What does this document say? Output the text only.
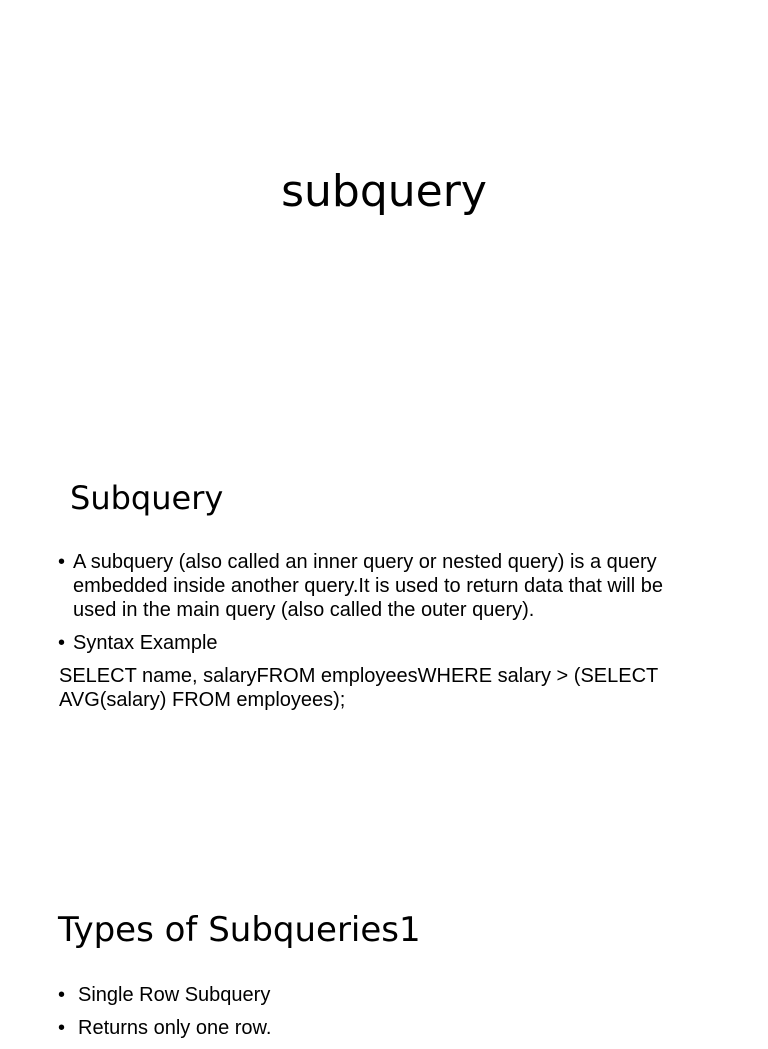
subquery
Subquery
• A subquery (also called an inner query or nested query) is a query embedded inside another query.It is used to return data that will be used in the main query (also called the outer query).
• Syntax Example

SELECT name, salaryFROM employeesWHERE salary > (SELECT AVG(salary) FROM employees);

Types of Subqueries1
• Single Row Subquery
• Returns only one row.
